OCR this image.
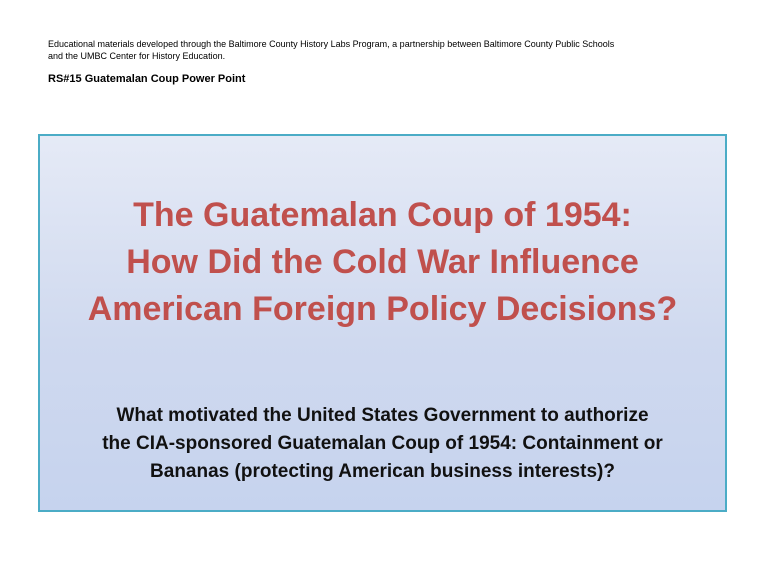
Educational materials developed through the Baltimore County History Labs Program, a partnership between Baltimore County Public Schools
and the UMBC Center for History Education.

RS#15 Guatemalan Coup Power Point

The Guatemalan Coup of 1954:
How Did the Cold War Influence
American Foreign Policy Decisions?

What motivated the United States Government to authorize
the CIA-sponsored Guatemalan Coup of 1954: Containment or
Bananas (protecting American business interests)?
